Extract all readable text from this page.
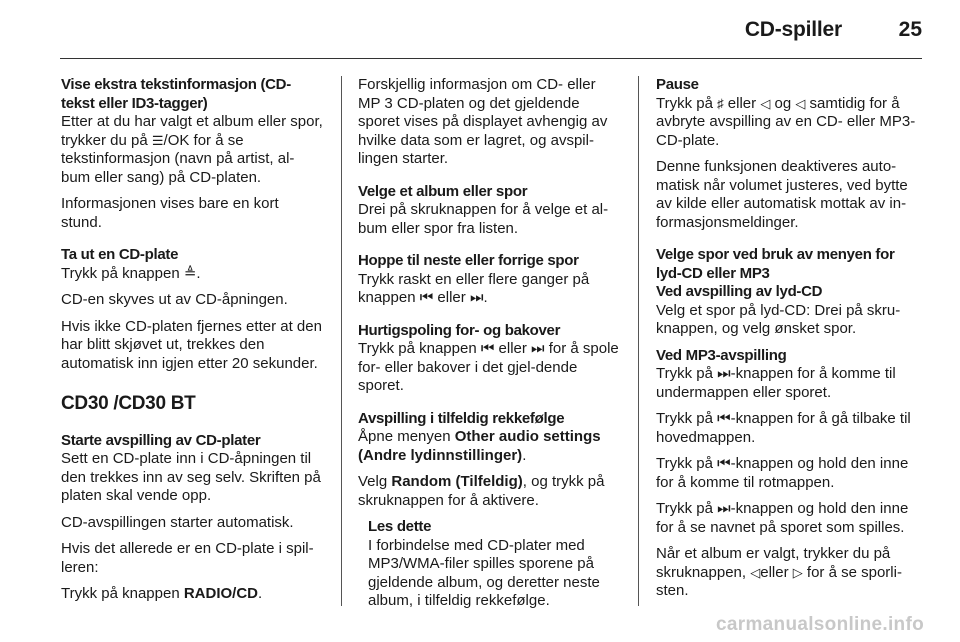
CD-spiller	25

Vise ekstra tekstinformasjon (CD-tekst eller ID3-tagger)

Etter at du har valgt et album eller spor, trykker du på ☰/OK for å se tekstinformasjon (navn på artist, al-bum eller sang) på CD-platen.

Informasjonen vises bare en kort stund.

Ta ut en CD-plate

Trykk på knappen ≜.

CD-en skyves ut av CD-åpningen.

Hvis ikke CD-platen fjernes etter at den har blitt skjøvet ut, trekkes den automatisk inn igjen etter 20 sekunder.

CD30 /CD30 BT

Starte avspilling av CD-plater

Sett en CD-plate inn i CD-åpningen til den trekkes inn av seg selv. Skriften på platen skal vende opp.

CD-avspillingen starter automatisk.

Hvis det allerede er en CD-plate i spil-leren:

Trykk på knappen RADIO/CD.

Forskjellig informasjon om CD- eller MP 3 CD-platen og det gjeldende sporet vises på displayet avhengig av hvilke data som er lagret, og avspil-lingen starter.

Velge et album eller spor

Drei på skruknappen for å velge et al-bum eller spor fra listen.

Hoppe til neste eller forrige spor

Trykk raskt en eller flere ganger på knappen ⏮ eller ⏭.

Hurtigspoling for- og bakover

Trykk på knappen ⏮ eller ⏭ for å spole for- eller bakover i det gjel-dende sporet.

Avspilling i tilfeldig rekkefølge

Åpne menyen Other audio settings (Andre lydinnstillinger).

Velg Random (Tilfeldig), og trykk på skruknappen for å aktivere.

Les dette

I forbindelse med CD-plater med MP3/WMA-filer spilles sporene på gjeldende album, og deretter neste album, i tilfeldig rekkefølge.

Pause

Trykk på ♯ eller ◁ og ◁ samtidig for å avbryte avspilling av en CD- eller MP3-CD-plate.

Denne funksjonen deaktiveres auto-matisk når volumet justeres, ved bytte av kilde eller automatisk mottak av in-formasjonsmeldinger.

Velge spor ved bruk av menyen for lyd-CD eller MP3

Ved avspilling av lyd-CD

Velg et spor på lyd-CD: Drei på skru-knappen, og velg ønsket spor.

Ved MP3-avspilling

Trykk på ⏭-knappen for å komme til undermappen eller sporet.

Trykk på ⏮-knappen for å gå tilbake til hovedmappen.

Trykk på ⏮-knappen og hold den inne for å komme til rotmappen.

Trykk på ⏭-knappen og hold den inne for å se navnet på sporet som spilles.

Når et album er valgt, trykker du på skruknappen, ◁eller ▷ for å se sporli-sten.

carmanualsonline.info
